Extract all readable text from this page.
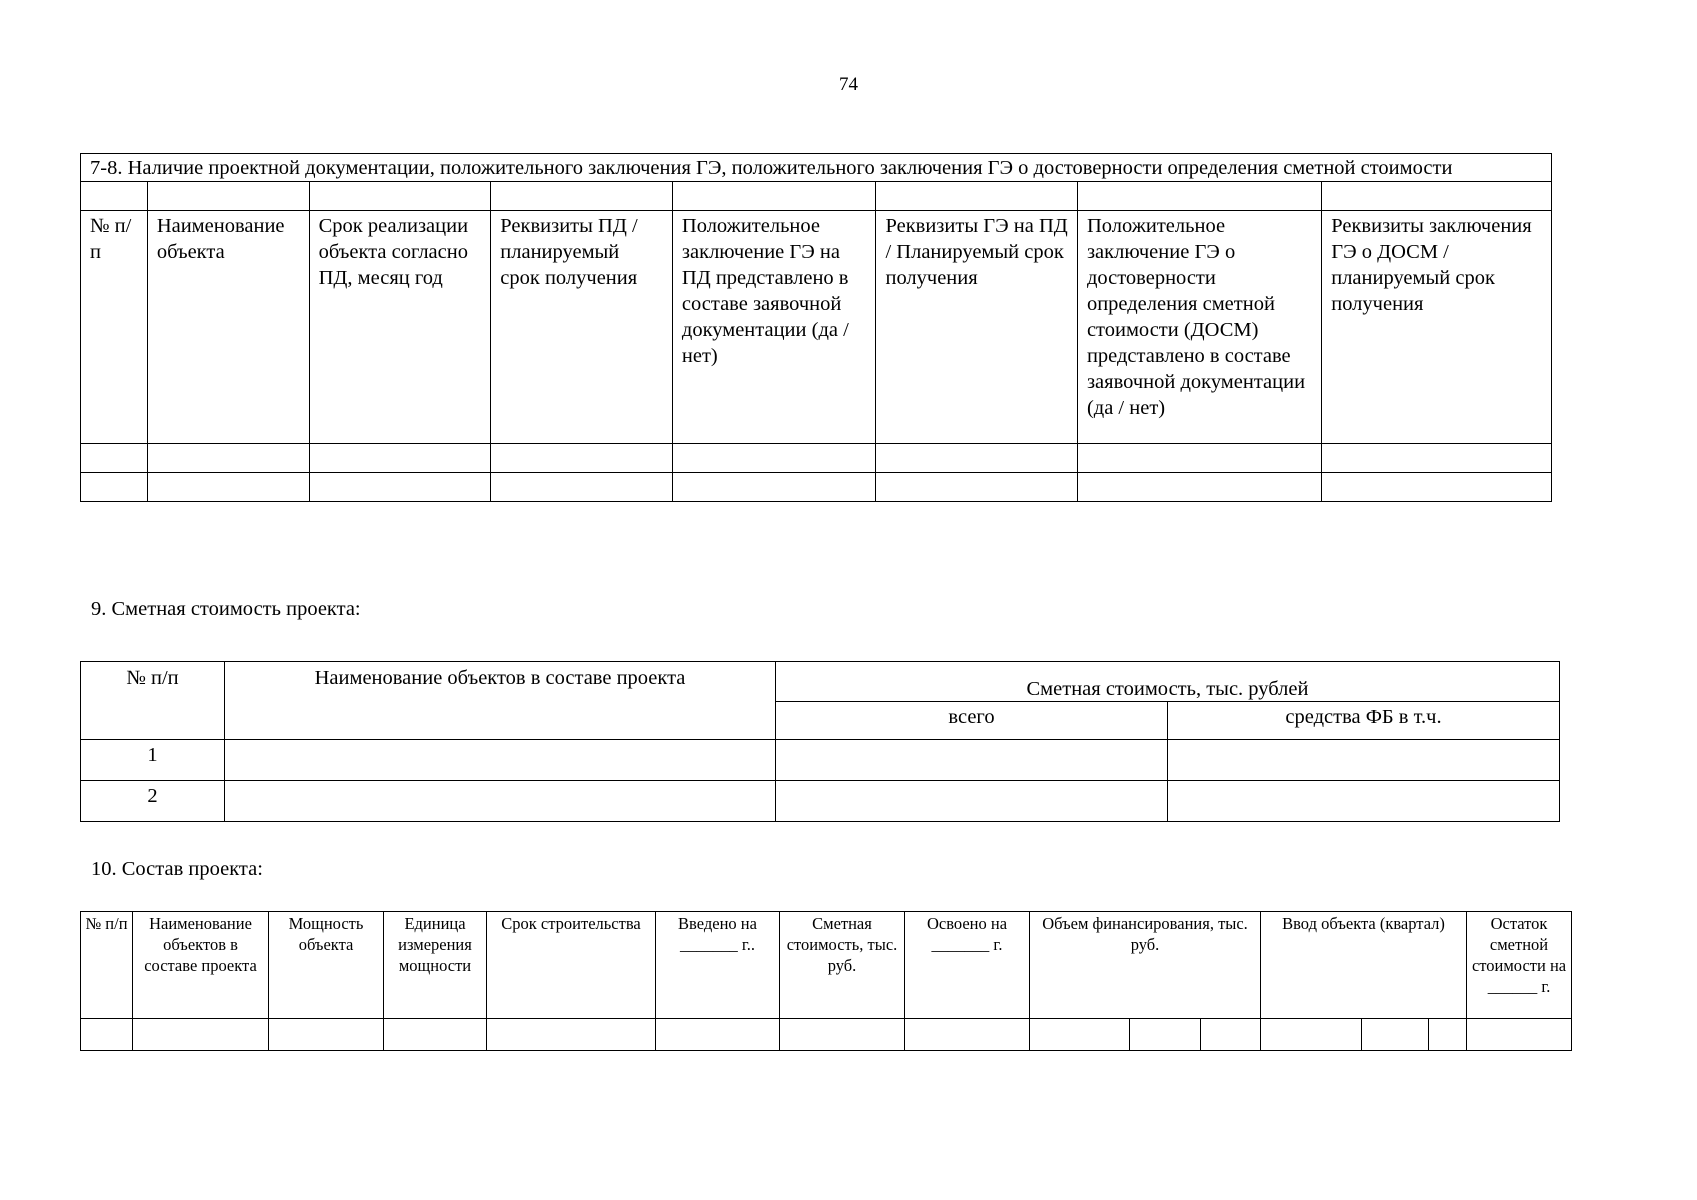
74
7-8. Наличие проектной документации, положительного заключения ГЭ, положительного заключения ГЭ о достоверности определения сметной стоимости							

№ п/п	Наименование объекта	Срок реализации объекта согласно ПД, месяц год	Реквизиты ПД / планируемый срок получения	Положительное заключение ГЭ на ПД представлено в составе заявочной документации (да / нет)	Реквизиты ГЭ на ПД / Планируемый срок получения	Положительное заключение ГЭ о достоверности определения сметной стоимости (ДОСМ) представлено в составе заявочной документации (да / нет)	Реквизиты заключения ГЭ о ДОСМ / планируемый срок получения

9. Сметная стоимость проекта:
№ п/п	Наименование объектов в составе проекта	Сметная стоимость, тыс. рублей	
		всего	средства ФБ в т.ч.
1			
2			
10. Состав проекта:
№ п/п	Наименование объектов в составе проекта	Мощность объекта	Единица измерения мощности	Срок строительства	Введено на _______ г..	Сметная стоимость, тыс. руб.	Освоено на _______ г.	Объем финансирования, тыс. руб.			Ввод объекта (квартал)			Остаток сметной стоимости на ______ г.
